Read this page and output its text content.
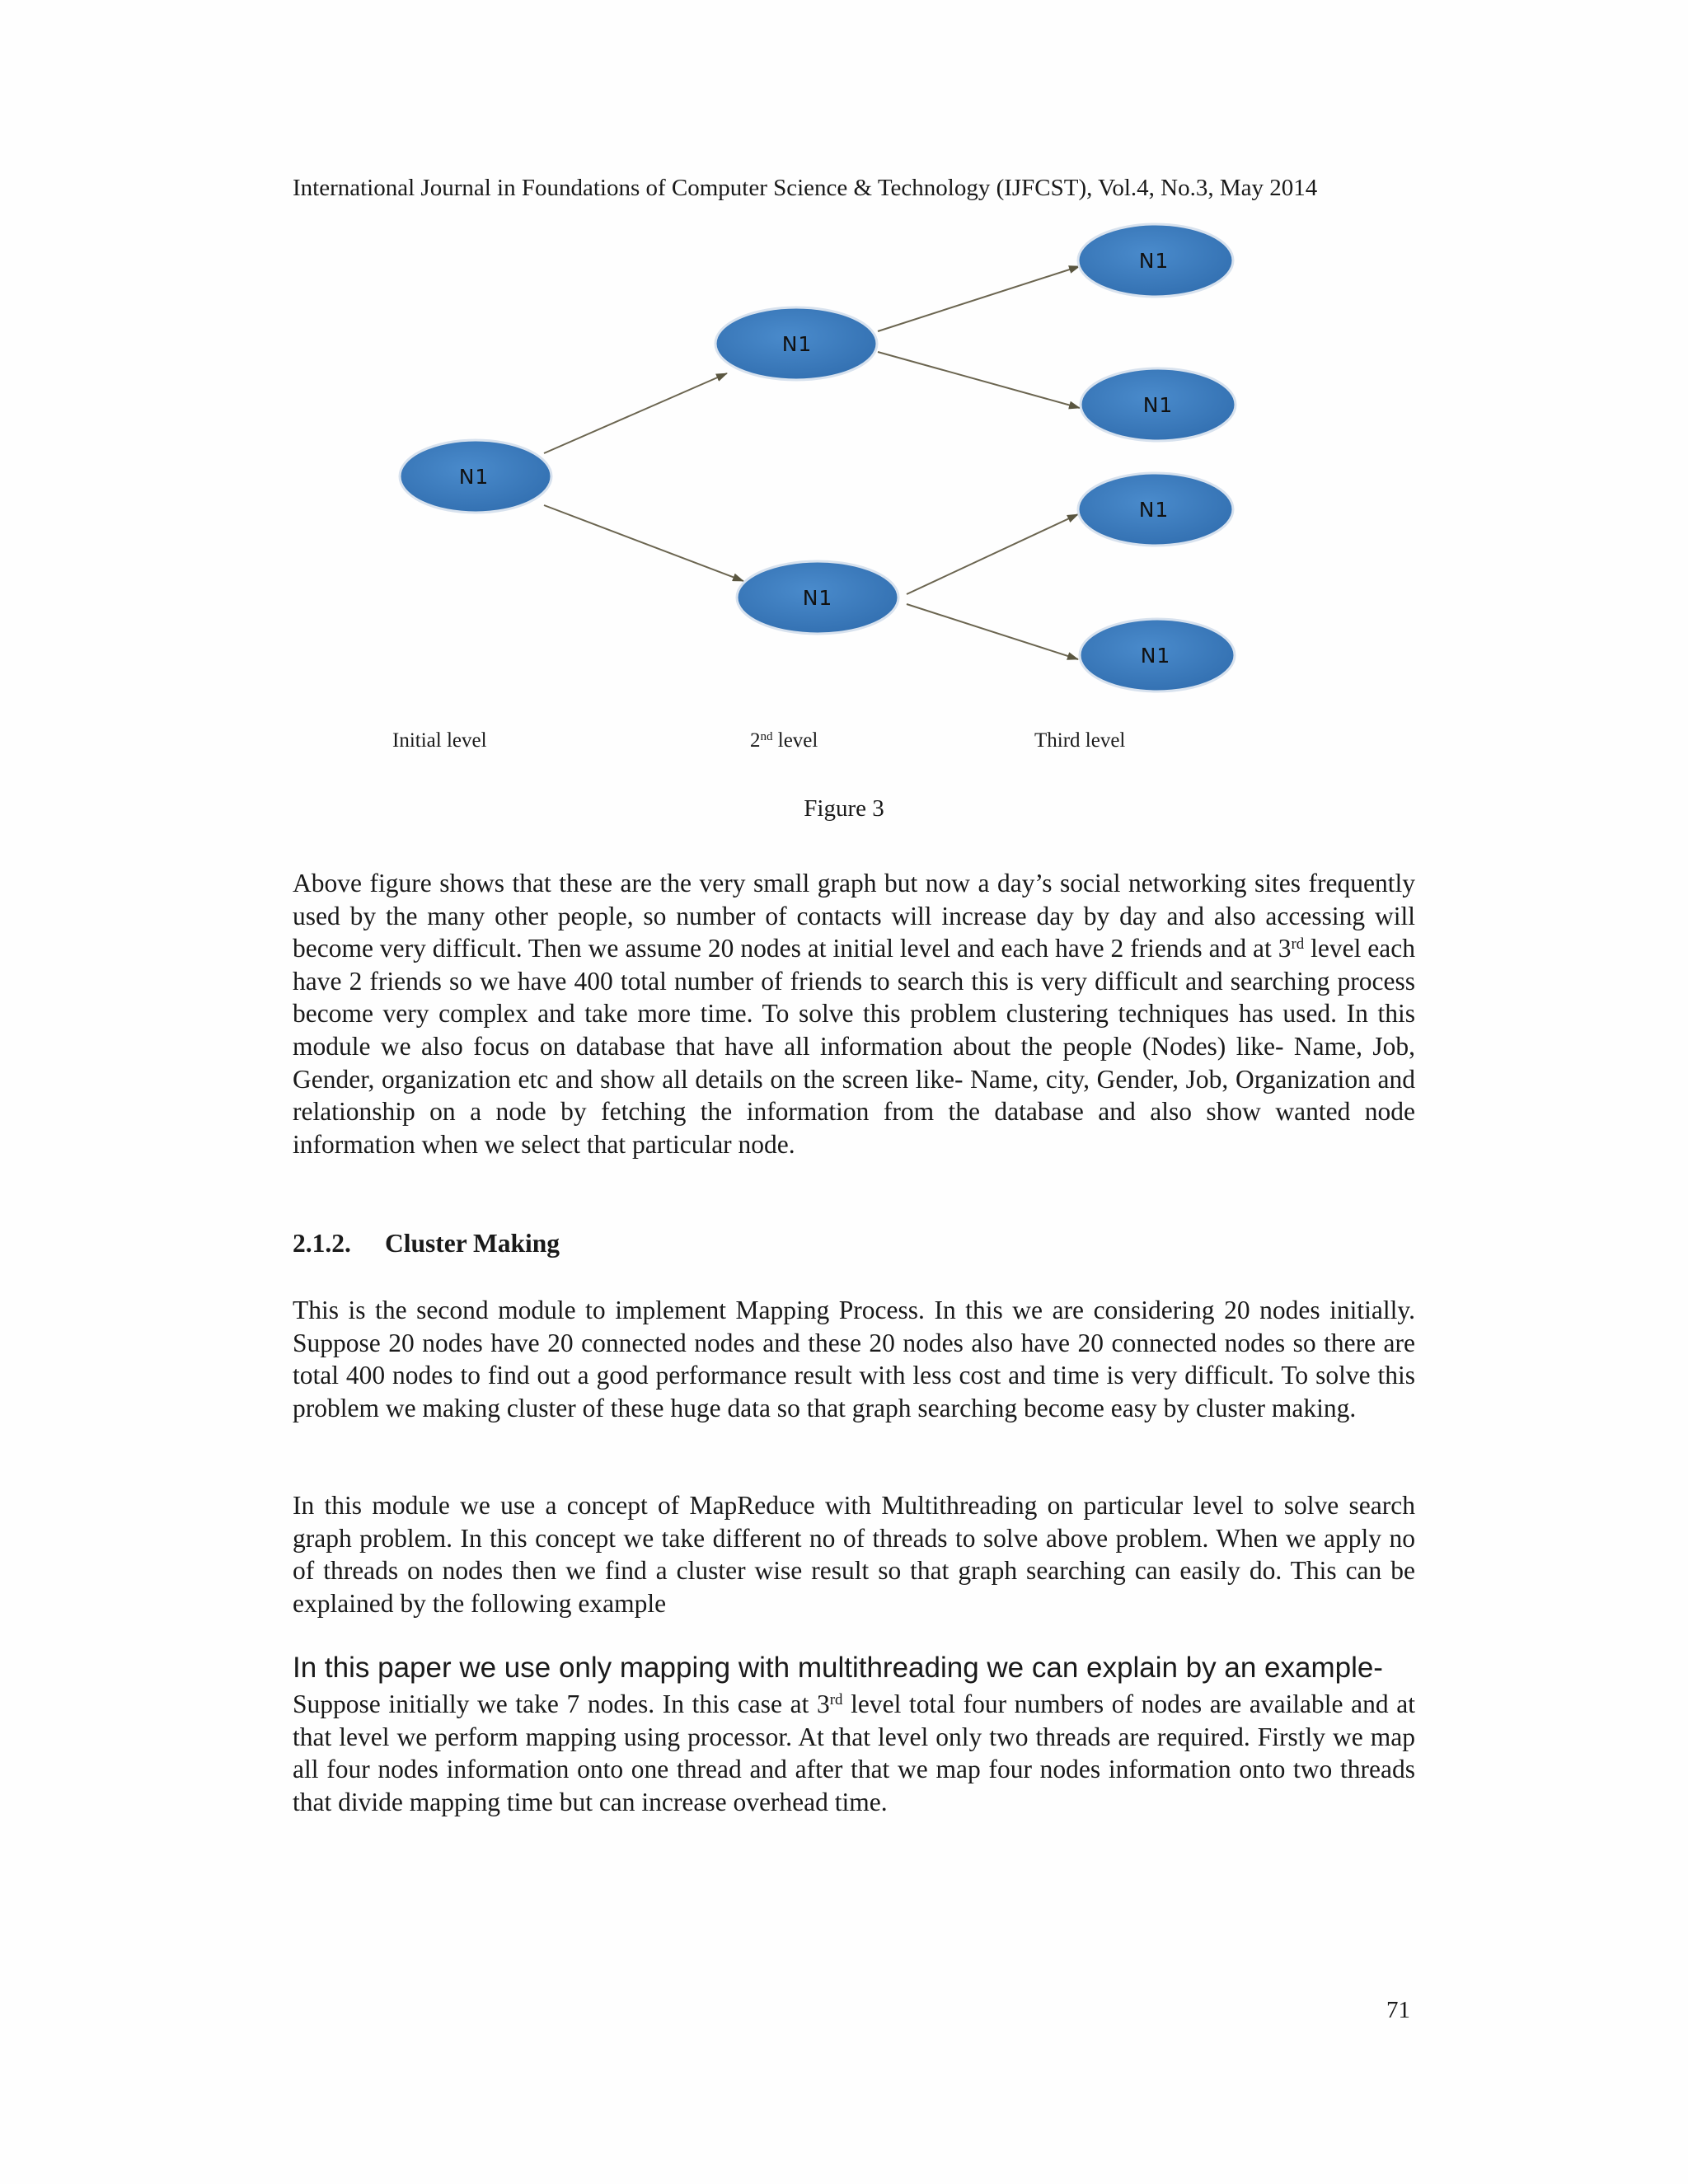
International Journal in Foundations of Computer Science & Technology (IJFCST), Vol.4, No.3, May 2014
N1
N1
N1
N1
N1
N1
N1
Initial level	2nd level	Third level
Figure 3

Above figure shows that these are the very small graph but now a day’s social networking sites frequently used by the many other people, so number of contacts will increase day by day and also accessing will become very difficult. Then we assume 20 nodes at initial level and each have 2 friends and at 3rd level each have 2 friends so we have 400 total number of friends to search this is very difficult and searching process become very complex and take more time. To solve this problem clustering techniques has used. In this module we also focus on database that have all information about the people (Nodes) like- Name, Job, Gender, organization etc and show all details on the screen like- Name, city, Gender, Job, Organization and relationship on a node by fetching the information from the database and also show wanted node information when we select that particular node.

2.1.2. Cluster Making

This is the second module to implement Mapping Process. In this we are considering 20 nodes initially. Suppose 20 nodes have 20 connected nodes and these 20 nodes also have 20 connected nodes so there are total 400 nodes to find out a good performance result with less cost and time is very difficult. To solve this problem we making cluster of these huge data so that graph searching become easy by cluster making.

In this module we use a concept of MapReduce with Multithreading on particular level to solve search graph problem. In this concept we take different no of threads to solve above problem. When we apply no of threads on nodes then we find a cluster wise result so that graph searching can easily do. This can be explained by the following example

In this paper we use only mapping with multithreading we can explain by an example-

Suppose initially we take 7 nodes. In this case at 3rd level total four numbers of nodes are available and at that level we perform mapping using processor. At that level only two threads are required. Firstly we map all four nodes information onto one thread and after that we map four nodes information onto two threads that divide mapping time but can increase overhead time.

71
